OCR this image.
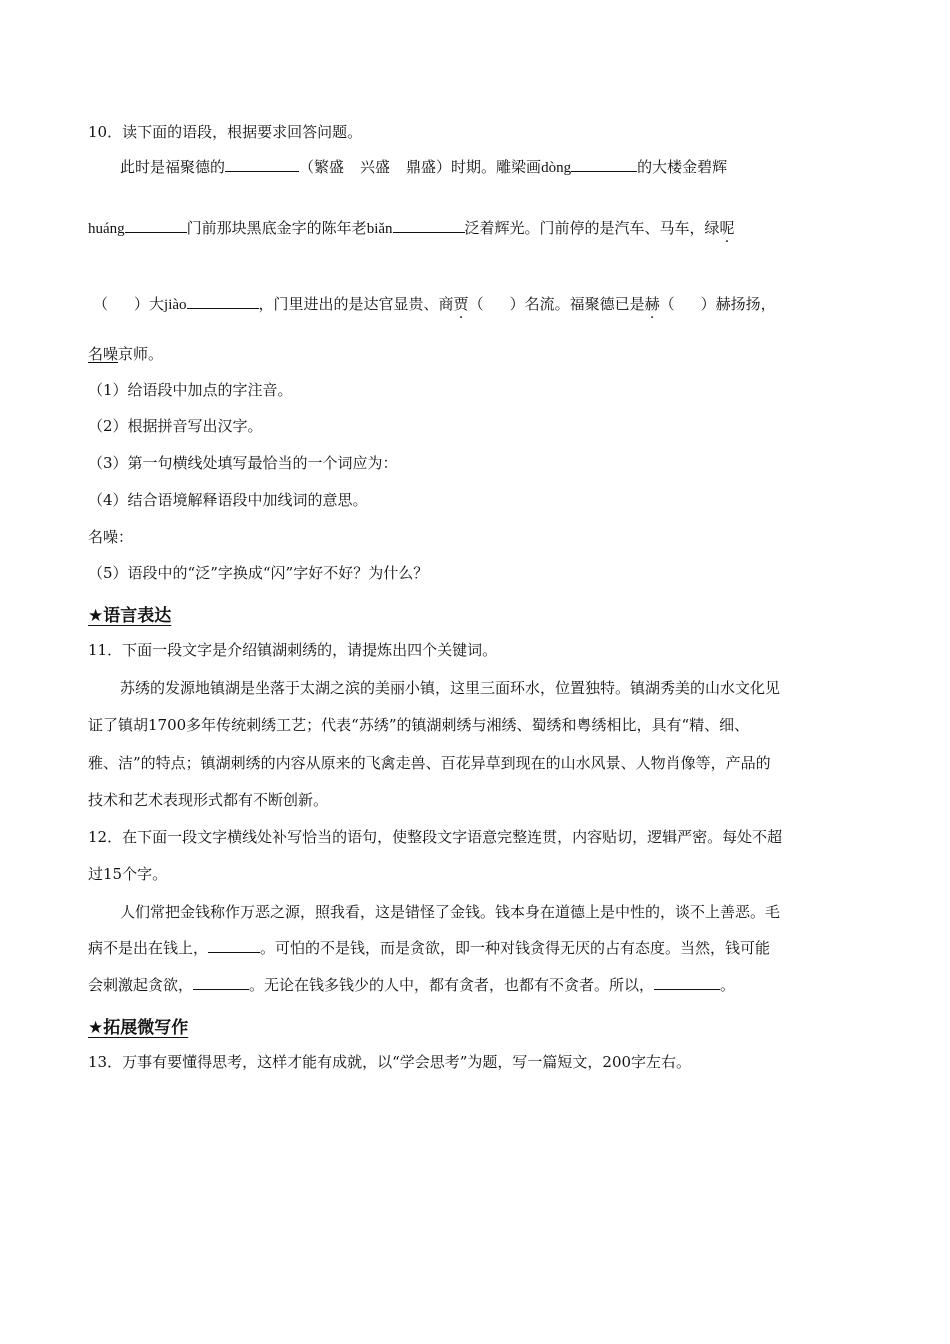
10．读下面的语段，根据要求回答问题。
此时是福聚德的	（繁盛 兴盛 鼎盛）时期。雕梁画dòng	的大楼金碧辉
huáng	门前那块黑底金字的陈年老biǎn	泛着辉光。门前停的是汽车、马车，绿呢
（ ）大jiào	，门里进出的是达官显贵、商贾（ ）名流。福聚德已是赫（ ）赫扬扬，
名噪京师。
（1）给语段中加点的字注音。
（2）根据拼音写出汉字。
（3）第一句横线处填写最恰当的一个词应为：
（4）结合语境解释语段中加线词的意思。
名噪：
（5）语段中的“泛”字换成“闪”字好不好？为什么？
★语言表达
11．下面一段文字是介绍镇湖刺绣的，请提炼出四个关键词。
苏绣的发源地镇湖是坐落于太湖之滨的美丽小镇，这里三面环水，位置独特。镇湖秀美的山水文化见
证了镇胡1700多年传统刺绣工艺；代表“苏绣”的镇湖刺绣与湘绣、蜀绣和粤绣相比，具有“精、细、
雅、洁”的特点；镇湖刺绣的内容从原来的飞禽走兽、百花异草到现在的山水风景、人物肖像等，产品的
技术和艺术表现形式都有不断创新。
12．在下面一段文字横线处补写恰当的语句，使整段文字语意完整连贯，内容贴切，逻辑严密。每处不超
过15个字。
人们常把金钱称作万恶之源，照我看，这是错怪了金钱。钱本身在道德上是中性的，谈不上善恶。毛
病不是出在钱上，	。可怕的不是钱，而是贪欲，即一种对钱贪得无厌的占有态度。当然，钱可能
会刺激起贪欲，	。无论在钱多钱少的人中，都有贪者，也都有不贪者。所以，	。
★拓展微写作
13．万事有要懂得思考，这样才能有成就，以“学会思考”为题，写一篇短文，200字左右。
